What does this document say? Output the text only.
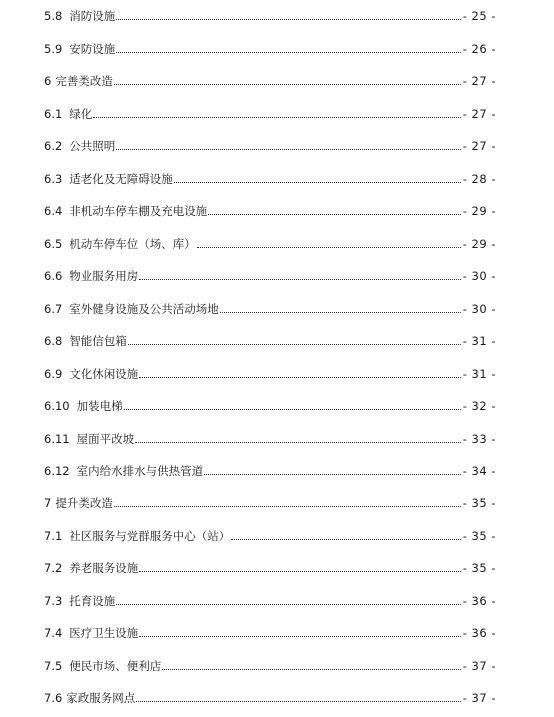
5.8 消防设施	- 25 -
5.9 安防设施	- 26 -
6 完善类改造	- 27 -
6.1 绿化	- 27 -
6.2 公共照明	- 27 -
6.3 适老化及无障碍设施	- 28 -
6.4 非机动车停车棚及充电设施	- 29 -
6.5 机动车停车位（场、库）	- 29 -
6.6 物业服务用房	- 30 -
6.7 室外健身设施及公共活动场地	- 30 -
6.8 智能信包箱	- 31 -
6.9 文化休闲设施	- 31 -
6.10 加装电梯	- 32 -
6.11 屋面平改坡	- 33 -
6.12 室内给水排水与供热管道	- 34 -
7 提升类改造	- 35 -
7.1 社区服务与党群服务中心（站）	- 35 -
7.2 养老服务设施	- 35 -
7.3 托育设施	- 36 -
7.4 医疗卫生设施	- 36 -
7.5 便民市场、便利店	- 37 -
7.6 家政服务网点	- 37 -
